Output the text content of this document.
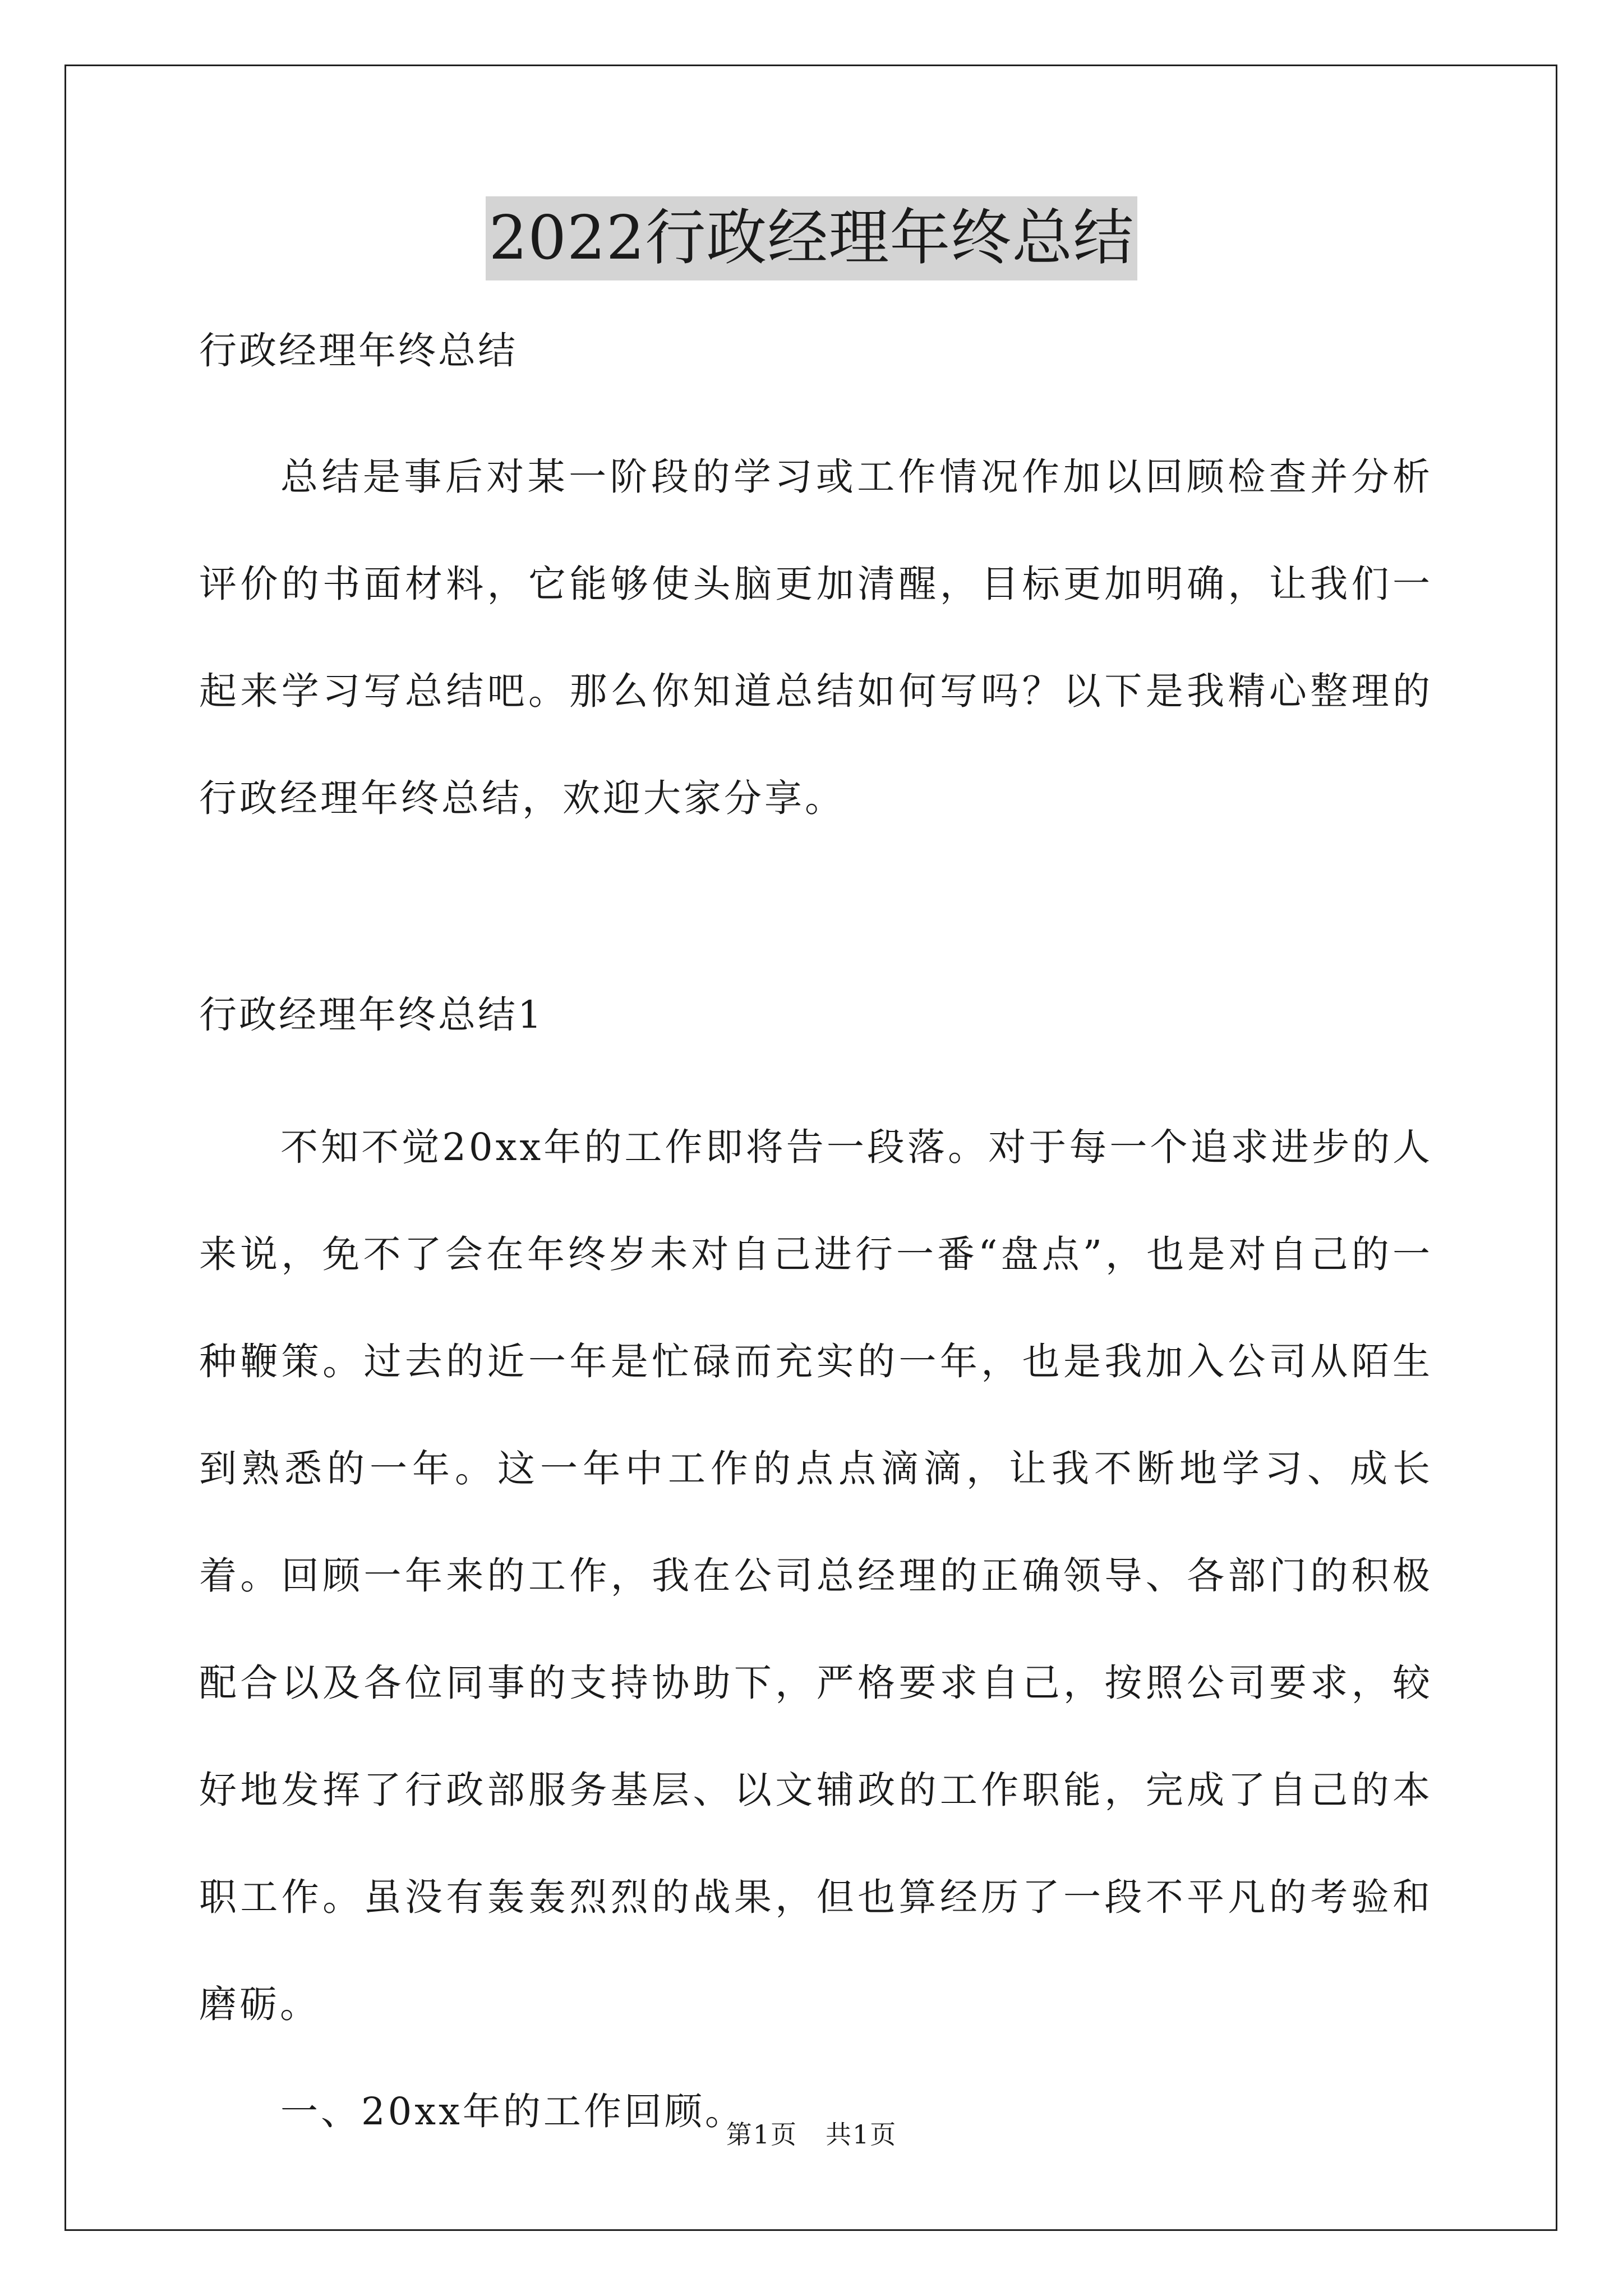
2022行政经理年终总结

行政经理年终总结

总结是事后对某一阶段的学习或工作情况作加以回顾检查并分析评价的书面材料，它能够使头脑更加清醒，目标更加明确，让我们一起来学习写总结吧。那么你知道总结如何写吗？以下是我精心整理的行政经理年终总结，欢迎大家分享。

行政经理年终总结1

不知不觉20xx年的工作即将告一段落。对于每一个追求进步的人来说，免不了会在年终岁未对自己进行一番“盘点”，也是对自己的一种鞭策。过去的近一年是忙碌而充实的一年，也是我加入公司从陌生到熟悉的一年。这一年中工作的点点滴滴，让我不断地学习、成长着。回顾一年来的工作，我在公司总经理的正确领导、各部门的积极配合以及各位同事的支持协助下，严格要求自己，按照公司要求，较好地发挥了行政部服务基层、以文辅政的工作职能，完成了自己的本职工作。虽没有轰轰烈烈的战果，但也算经历了一段不平凡的考验和磨砺。

一、20xx年的工作回顾。

第1页 共1页
